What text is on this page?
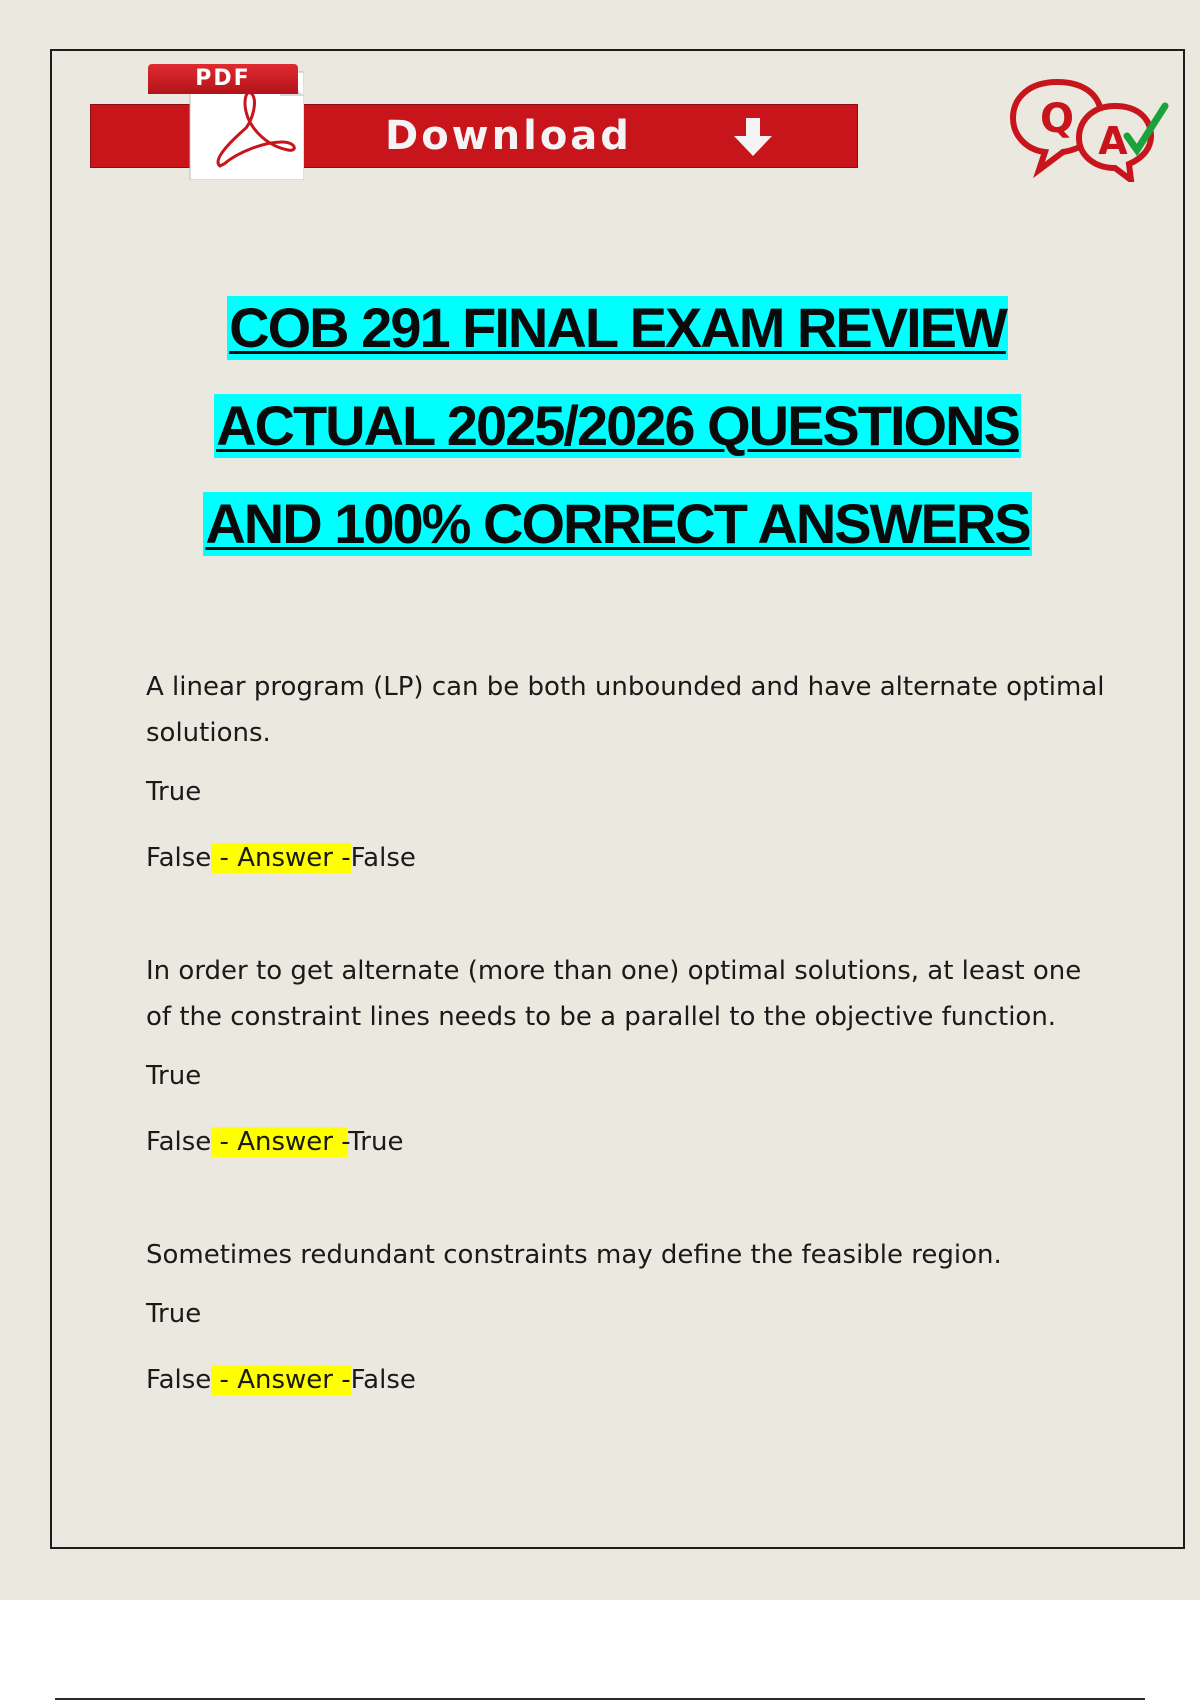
Download
PDF
Q A
COB 291 FINAL EXAM REVIEW
ACTUAL 2025/2026 QUESTIONS
AND 100% CORRECT ANSWERS
A linear program (LP) can be both unbounded and have alternate optimal solutions.
True
False - Answer -False
In order to get alternate (more than one) optimal solutions, at least one of the constraint lines needs to be a parallel to the objective function.
True
False - Answer -True
Sometimes redundant constraints may define the feasible region.
True
False - Answer -False
